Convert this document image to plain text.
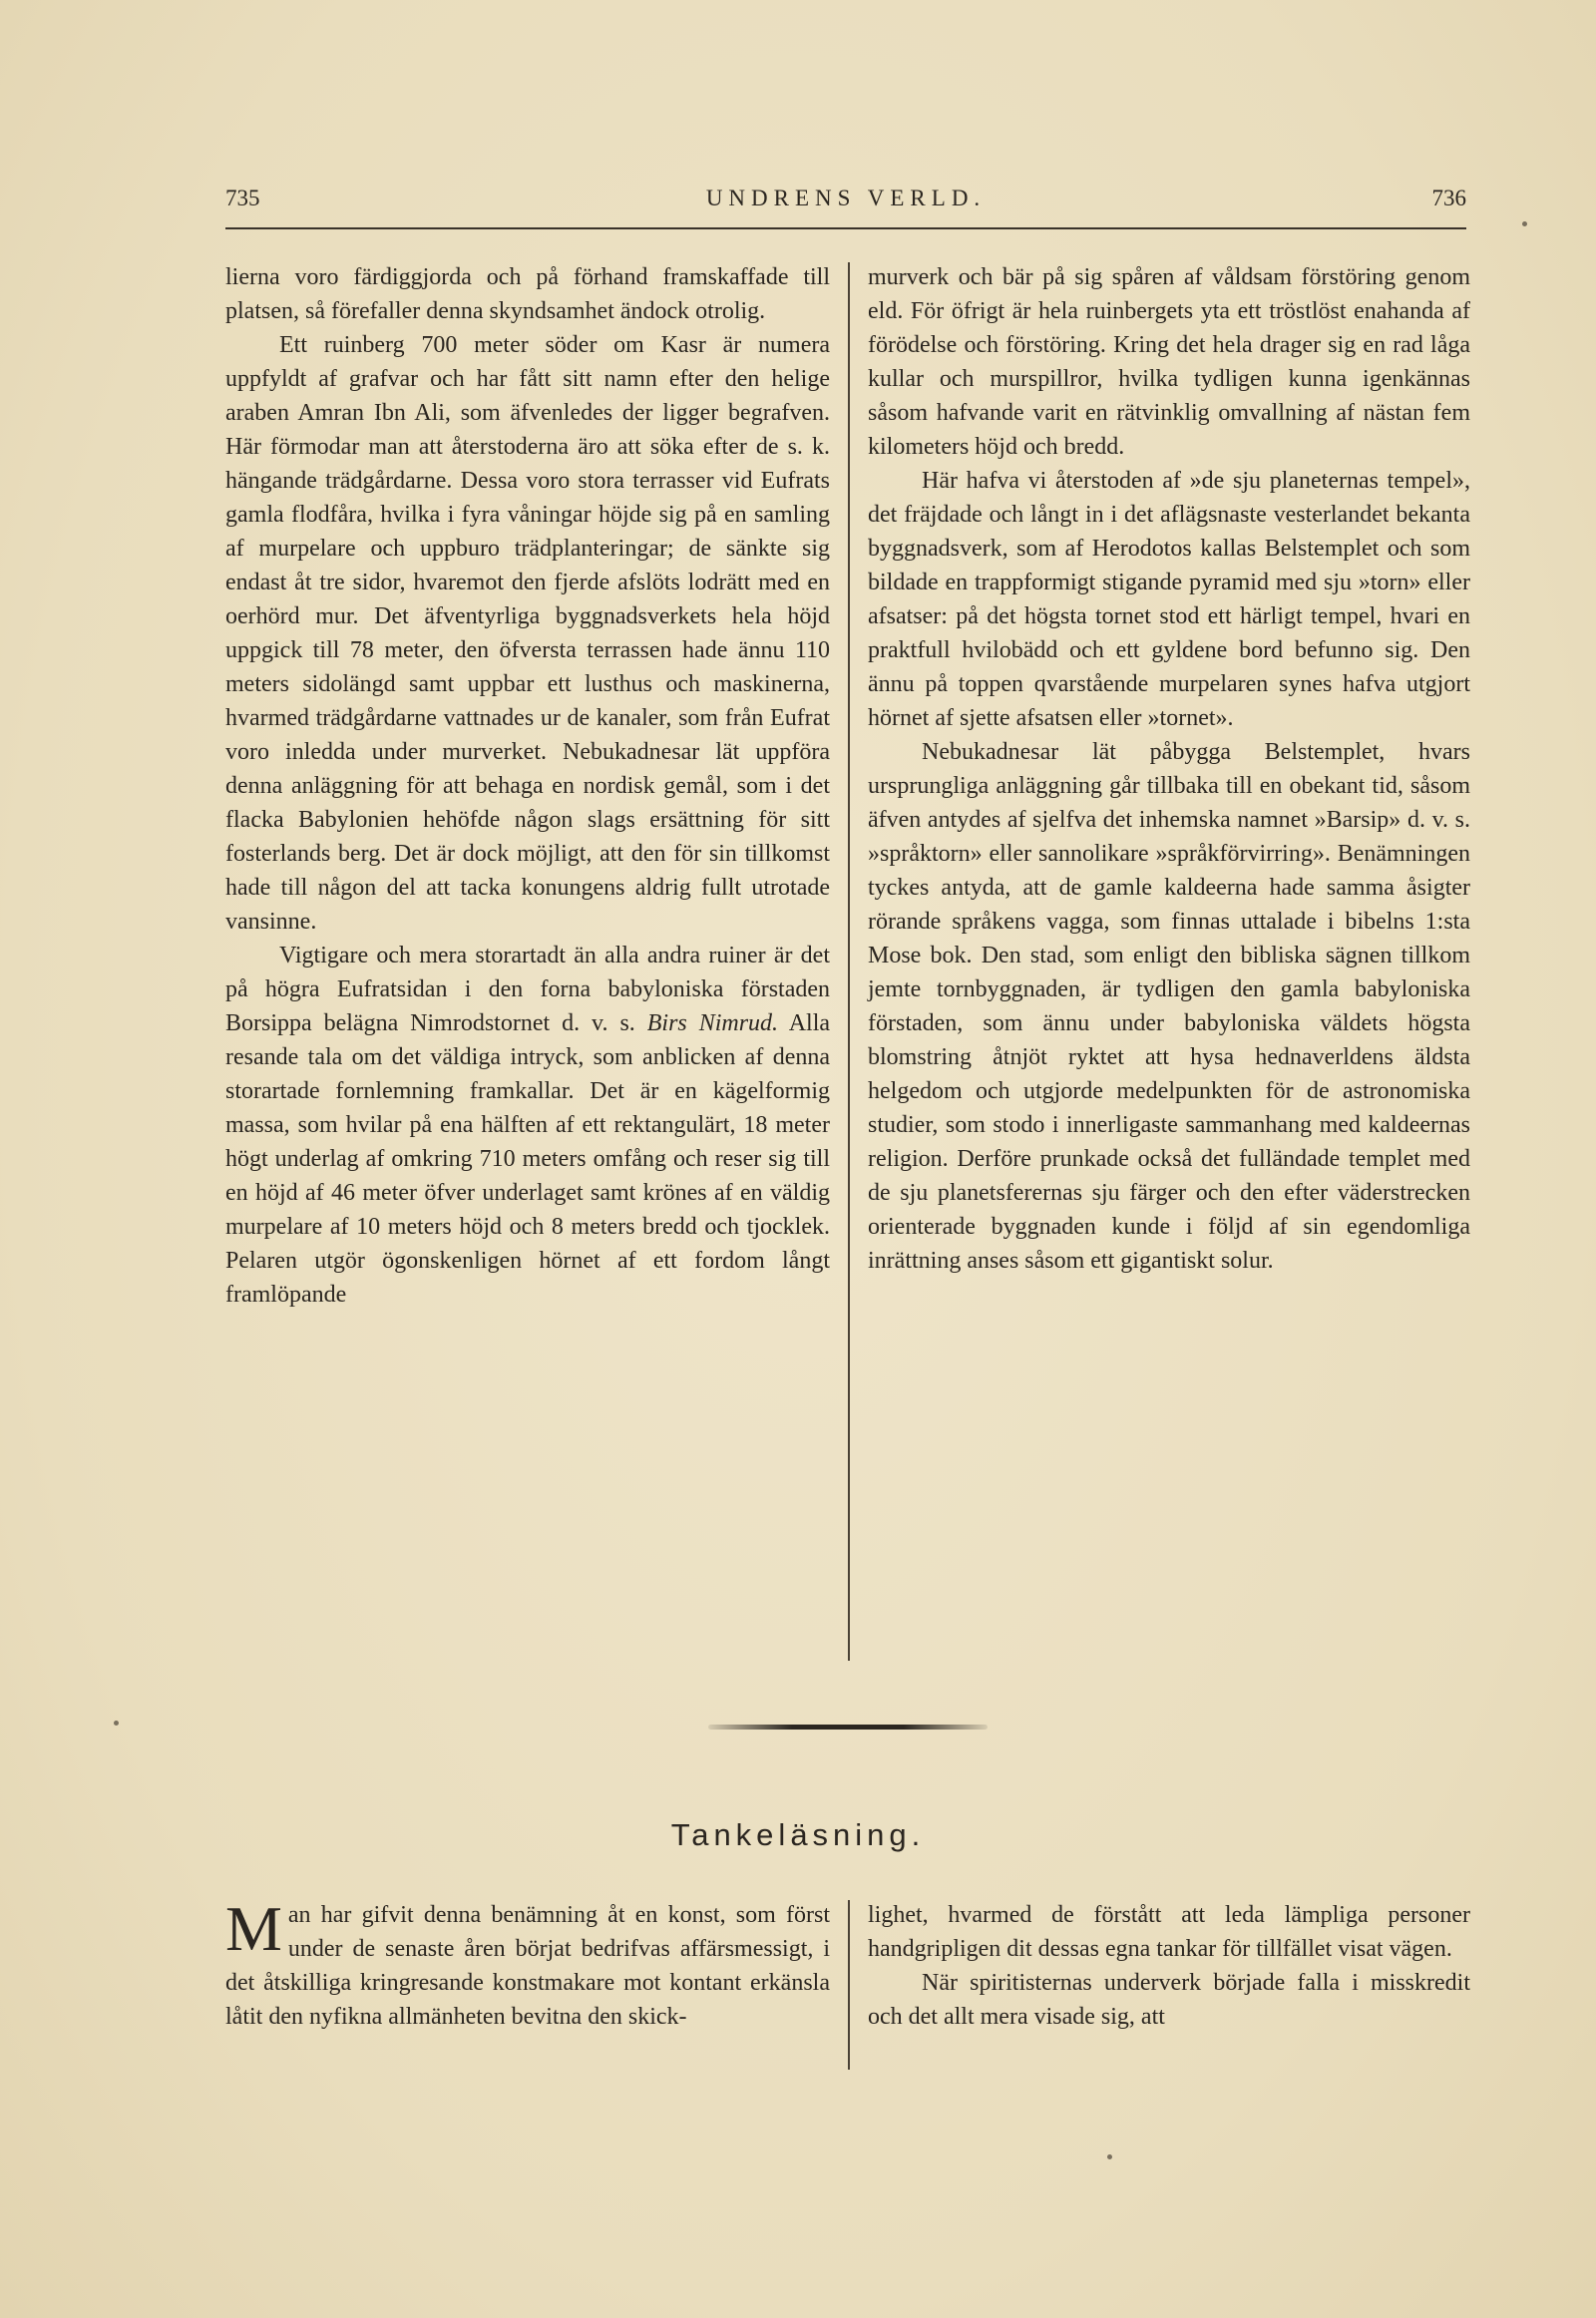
735	UNDRENS VERLD.	736

lierna voro färdiggjorda och på förhand framskaffade till platsen, så förefaller denna skyndsamhet ändock otrolig.

Ett ruinberg 700 meter söder om Kasr är numera uppfyldt af grafvar och har fått sitt namn efter den helige araben Amran Ibn Ali, som äfvenledes der ligger begrafven. Här förmodar man att återstoderna äro att söka efter de s. k. hängande trädgårdarne. Dessa voro stora terrasser vid Eufrats gamla flodfåra, hvilka i fyra våningar höjde sig på en samling af murpelare och uppburo trädplanteringar; de sänkte sig endast åt tre sidor, hvaremot den fjerde afslöts lodrätt med en oerhörd mur. Det äfventyrliga byggnadsverkets hela höjd uppgick till 78 meter, den öfversta terrassen hade ännu 110 meters sidolängd samt uppbar ett lusthus och maskinerna, hvarmed trädgårdarne vattnades ur de kanaler, som från Eufrat voro inledda under murverket. Nebukadnesar lät uppföra denna anläggning för att behaga en nordisk gemål, som i det flacka Babylonien hehöfde någon slags ersättning för sitt fosterlands berg. Det är dock möjligt, att den för sin tillkomst hade till någon del att tacka konungens aldrig fullt utrotade vansinne.

Vigtigare och mera storartadt än alla andra ruiner är det på högra Eufratsidan i den forna babyloniska förstaden Borsippa belägna Nimrodstornet d. v. s. Birs Nimrud. Alla resande tala om det väldiga intryck, som anblicken af denna storartade fornlemning framkallar. Det är en kägelformig massa, som hvilar på ena hälften af ett rektangulärt, 18 meter högt underlag af omkring 710 meters omfång och reser sig till en höjd af 46 meter öfver underlaget samt krönes af en väldig murpelare af 10 meters höjd och 8 meters bredd och tjocklek. Pelaren utgör ögonskenligen hörnet af ett fordom långt framlöpande

murverk och bär på sig spåren af våldsam förstöring genom eld. För öfrigt är hela ruinbergets yta ett tröstlöst enahanda af förödelse och förstöring. Kring det hela drager sig en rad låga kullar och murspillror, hvilka tydligen kunna igenkännas såsom hafvande varit en rätvinklig omvallning af nästan fem kilometers höjd och bredd.

Här hafva vi återstoden af »de sju planeternas tempel», det fräjdade och långt in i det aflägsnaste vesterlandet bekanta byggnadsverk, som af Herodotos kallas Belstemplet och som bildade en trappformigt stigande pyramid med sju »torn» eller afsatser: på det högsta tornet stod ett härligt tempel, hvari en praktfull hvilobädd och ett gyldene bord befunno sig. Den ännu på toppen qvarstående murpelaren synes hafva utgjort hörnet af sjette afsatsen eller »tornet».

Nebukadnesar lät påbygga Belstemplet, hvars ursprungliga anläggning går tillbaka till en obekant tid, såsom äfven antydes af sjelfva det inhemska namnet »Barsip» d. v. s. »språktorn» eller sannolikare »språkförvirring». Benämningen tyckes antyda, att de gamle kaldeerna hade samma åsigter rörande språkens vagga, som finnas uttalade i bibelns 1:sta Mose bok. Den stad, som enligt den bibliska sägnen tillkom jemte tornbyggnaden, är tydligen den gamla babyloniska förstaden, som ännu under babyloniska väldets högsta blomstring åtnjöt ryktet att hysa hednaverldens äldsta helgedom och utgjorde medelpunkten för de astronomiska studier, som stodo i innerligaste sammanhang med kaldeernas religion. Derföre prunkade också det fulländade templet med de sju planetsferernas sju färger och den efter väderstrecken orienterade byggnaden kunde i följd af sin egendomliga inrättning anses såsom ett gigantiskt solur.

Tankeläsning.

Man har gifvit denna benämning åt en konst, som först under de senaste åren börjat bedrifvas affärsmessigt, i det åtskilliga kringresande konstmakare mot kontant erkänsla låtit den nyfikna allmänheten bevitna den skick-

lighet, hvarmed de förstått att leda lämpliga personer handgripligen dit dessas egna tankar för tillfället visat vägen.

När spiritisternas underverk började falla i misskredit och det allt mera visade sig, att
